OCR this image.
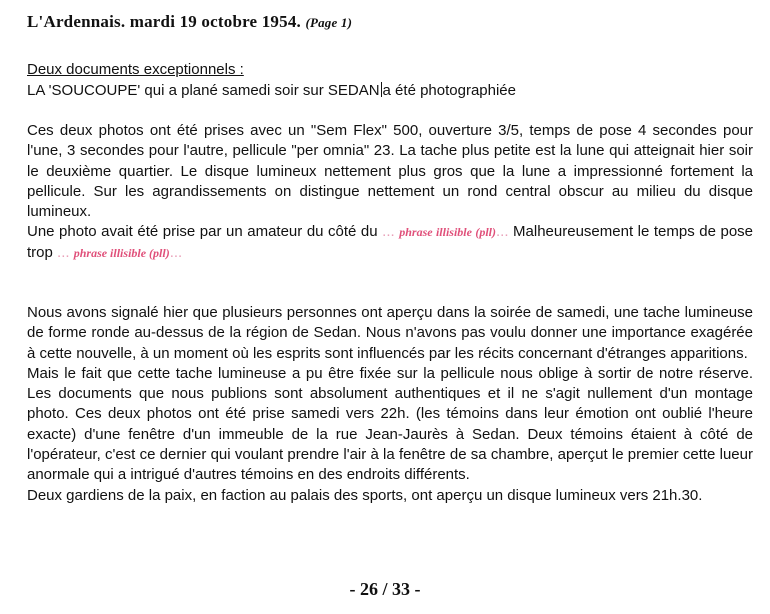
L'Ardennais. mardi 19 octobre 1954. (Page 1)
Deux documents exceptionnels :
LA 'SOUCOUPE' qui a plané samedi soir sur SEDAN a été photographiée
Ces deux photos ont été prises avec un "Sem Flex" 500, ouverture 3/5, temps de pose 4 secondes pour l'une, 3 secondes pour l'autre, pellicule "per omnia" 23. La tache plus petite est la lune qui atteignait hier soir le deuxième quartier. Le disque lumineux nettement plus gros que la lune a impressionné fortement la pellicule. Sur les agrandissements on distingue nettement un rond central obscur au milieu du disque lumineux.
Une photo avait été prise par un amateur du côté du ... phrase illisible (pll)... Malheureusement le temps de pose trop ... phrase illisible (pll)...
Nous avons signalé hier que plusieurs personnes ont aperçu dans la soirée de samedi, une tache lumineuse de forme ronde au-dessus de la région de Sedan. Nous n'avons pas voulu donner une importance exagérée à cette nouvelle, à un moment où les esprits sont influencés par les récits concernant d'étranges apparitions.
Mais le fait que cette tache lumineuse a pu être fixée sur la pellicule nous oblige à sortir de notre réserve. Les documents que nous publions sont absolument authentiques et il ne s'agit nullement d'un montage photo. Ces deux photos ont été prise samedi vers 22h. (les témoins dans leur émotion ont oublié l'heure exacte) d'une fenêtre d'un immeuble de la rue Jean-Jaurès à Sedan. Deux témoins étaient à côté de l'opérateur, c'est ce dernier qui voulant prendre l'air à la fenêtre de sa chambre, aperçut le premier cette lueur anormale qui a intrigué d'autres témoins en des endroits différents.
Deux gardiens de la paix, en faction au palais des sports, ont aperçu un disque lumineux vers 21h.30.
- 26 / 33 -
